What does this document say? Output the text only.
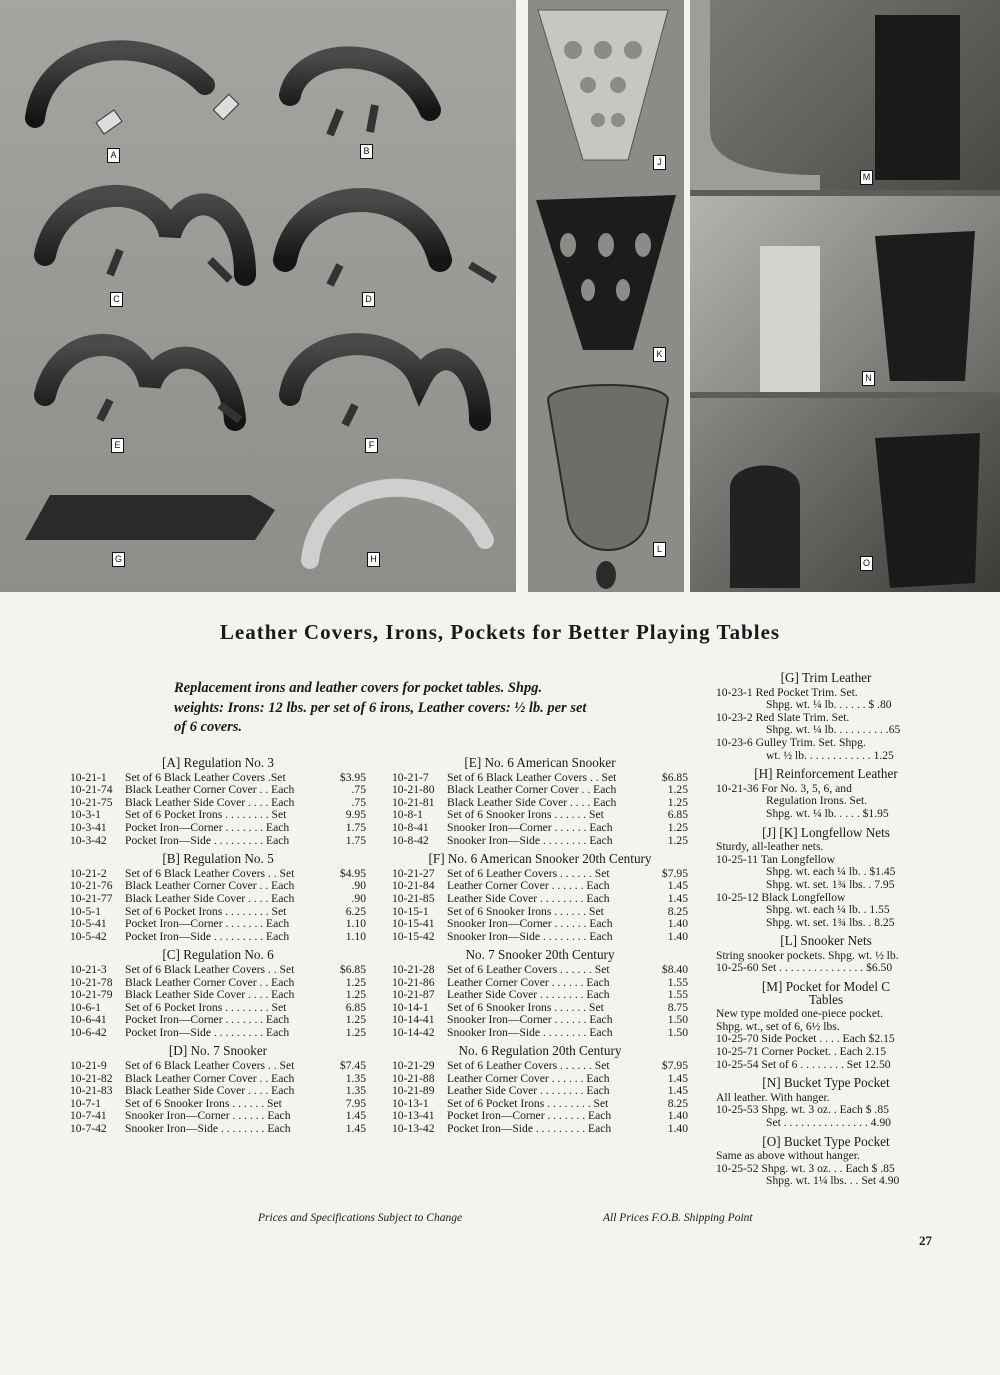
A	B
C	D
E	F
G	H
J
K
L
M
N
O
Leather Covers, Irons, Pockets for Better Playing Tables
Replacement irons and leather covers for pocket tables. Shpg. weights: Irons: 12 lbs. per set of 6 irons, Leather covers: ½ lb. per set of 6 covers.
[A] Regulation No. 3
10-21-1	Set of 6 Black Leather Covers .Set	$3.95
10-21-74	Black Leather Corner Cover . . Each	.75
10-21-75	Black Leather Side Cover . . . . Each	.75
10-3-1	Set of 6 Pocket Irons . . . . . . . . Set	9.95
10-3-41	Pocket Iron—Corner . . . . . . . Each	1.75
10-3-42	Pocket Iron—Side . . . . . . . . . Each	1.75
[B] Regulation No. 5
10-21-2	Set of 6 Black Leather Covers . . Set	$4.95
10-21-76	Black Leather Corner Cover . . Each	.90
10-21-77	Black Leather Side Cover . . . . Each	.90
10-5-1	Set of 6 Pocket Irons . . . . . . . . Set	6.25
10-5-41	Pocket Iron—Corner . . . . . . . Each	1.10
10-5-42	Pocket Iron—Side . . . . . . . . . Each	1.10
[C] Regulation No. 6
10-21-3	Set of 6 Black Leather Covers . . Set	$6.85
10-21-78	Black Leather Corner Cover . . Each	1.25
10-21-79	Black Leather Side Cover . . . . Each	1.25
10-6-1	Set of 6 Pocket Irons . . . . . . . . Set	6.85
10-6-41	Pocket Iron—Corner . . . . . . . Each	1.25
10-6-42	Pocket Iron—Side . . . . . . . . . Each	1.25
[D] No. 7 Snooker
10-21-9	Set of 6 Black Leather Covers . . Set	$7.45
10-21-82	Black Leather Corner Cover . . Each	1.35
10-21-83	Black Leather Side Cover . . . . Each	1.35
10-7-1	Set of 6 Snooker Irons . . . . . . Set	7.95
10-7-41	Snooker Iron—Corner . . . . . . Each	1.45
10-7-42	Snooker Iron—Side . . . . . . . . Each	1.45
[E] No. 6 American Snooker
10-21-7	Set of 6 Black Leather Covers . . Set	$6.85
10-21-80	Black Leather Corner Cover . . Each	1.25
10-21-81	Black Leather Side Cover . . . . Each	1.25
10-8-1	Set of 6 Snooker Irons . . . . . . Set	6.85
10-8-41	Snooker Iron—Corner . . . . . . Each	1.25
10-8-42	Snooker Iron—Side . . . . . . . . Each	1.25
[F] No. 6 American Snooker 20th Century
10-21-27	Set of 6 Leather Covers . . . . . . Set	$7.95
10-21-84	Leather Corner Cover . . . . . . Each	1.45
10-21-85	Leather Side Cover . . . . . . . . Each	1.45
10-15-1	Set of 6 Snooker Irons . . . . . . Set	8.25
10-15-41	Snooker Iron—Corner . . . . . . Each	1.40
10-15-42	Snooker Iron—Side . . . . . . . . Each	1.40
No. 7 Snooker 20th Century
10-21-28	Set of 6 Leather Covers . . . . . . Set	$8.40
10-21-86	Leather Corner Cover . . . . . . Each	1.55
10-21-87	Leather Side Cover . . . . . . . . Each	1.55
10-14-1	Set of 6 Snooker Irons . . . . . . Set	8.75
10-14-41	Snooker Iron—Corner . . . . . . Each	1.50
10-14-42	Snooker Iron—Side . . . . . . . . Each	1.50
No. 6 Regulation 20th Century
10-21-29	Set of 6 Leather Covers . . . . . . Set	$7.95
10-21-88	Leather Corner Cover . . . . . . Each	1.45
10-21-89	Leather Side Cover . . . . . . . . Each	1.45
10-13-1	Set of 6 Pocket Irons . . . . . . . . Set	8.25
10-13-41	Pocket Iron—Corner . . . . . . . Each	1.40
10-13-42	Pocket Iron—Side . . . . . . . . . Each	1.40
[G] Trim Leather
10-23-1 Red Pocket Trim. Set.
Shpg. wt. ¼ lb. . . . . . $ .80
10-23-2 Red Slate Trim. Set.
Shpg. wt. ¼ lb. . . . . . . . . .65
10-23-6 Gulley Trim. Set. Shpg.
wt. ½ lb. . . . . . . . . . . . 1.25
[H] Reinforcement Leather
10-21-36 For No. 3, 5, 6, and
Regulation Irons. Set.
Shpg. wt. ¼ lb. . . . . $1.95
[J] [K] Longfellow Nets
Sturdy, all-leather nets.
10-25-11 Tan Longfellow
Shpg. wt. each ¼ lb. . $1.45
Shpg. wt. set. 1¾ lbs. . 7.95
10-25-12 Black Longfellow
Shpg. wt. each ¼ lb. . 1.55
Shpg. wt. set. 1¾ lbs. . 8.25
[L] Snooker Nets
String snooker pockets. Shpg. wt. ½ lb.
10-25-60 Set . . . . . . . . . . . . . . . $6.50
[M] Pocket for Model C Tables
New type molded one-piece pocket.
Shpg. wt., set of 6, 6½ lbs.
10-25-70 Side Pocket . . . . Each $2.15
10-25-71 Corner Pocket. . Each 2.15
10-25-54 Set of 6 . . . . . . . . Set 12.50
[N] Bucket Type Pocket
All leather. With hanger.
10-25-53 Shpg. wt. 3 oz. . Each $ .85
Set . . . . . . . . . . . . . . . 4.90
[O] Bucket Type Pocket
Same as above without hanger.
10-25-52 Shpg. wt. 3 oz. . . Each $ .85
Shpg. wt. 1¼ lbs. . . Set 4.90
Prices and Specifications Subject to Change	All Prices F.O.B. Shipping Point
27
